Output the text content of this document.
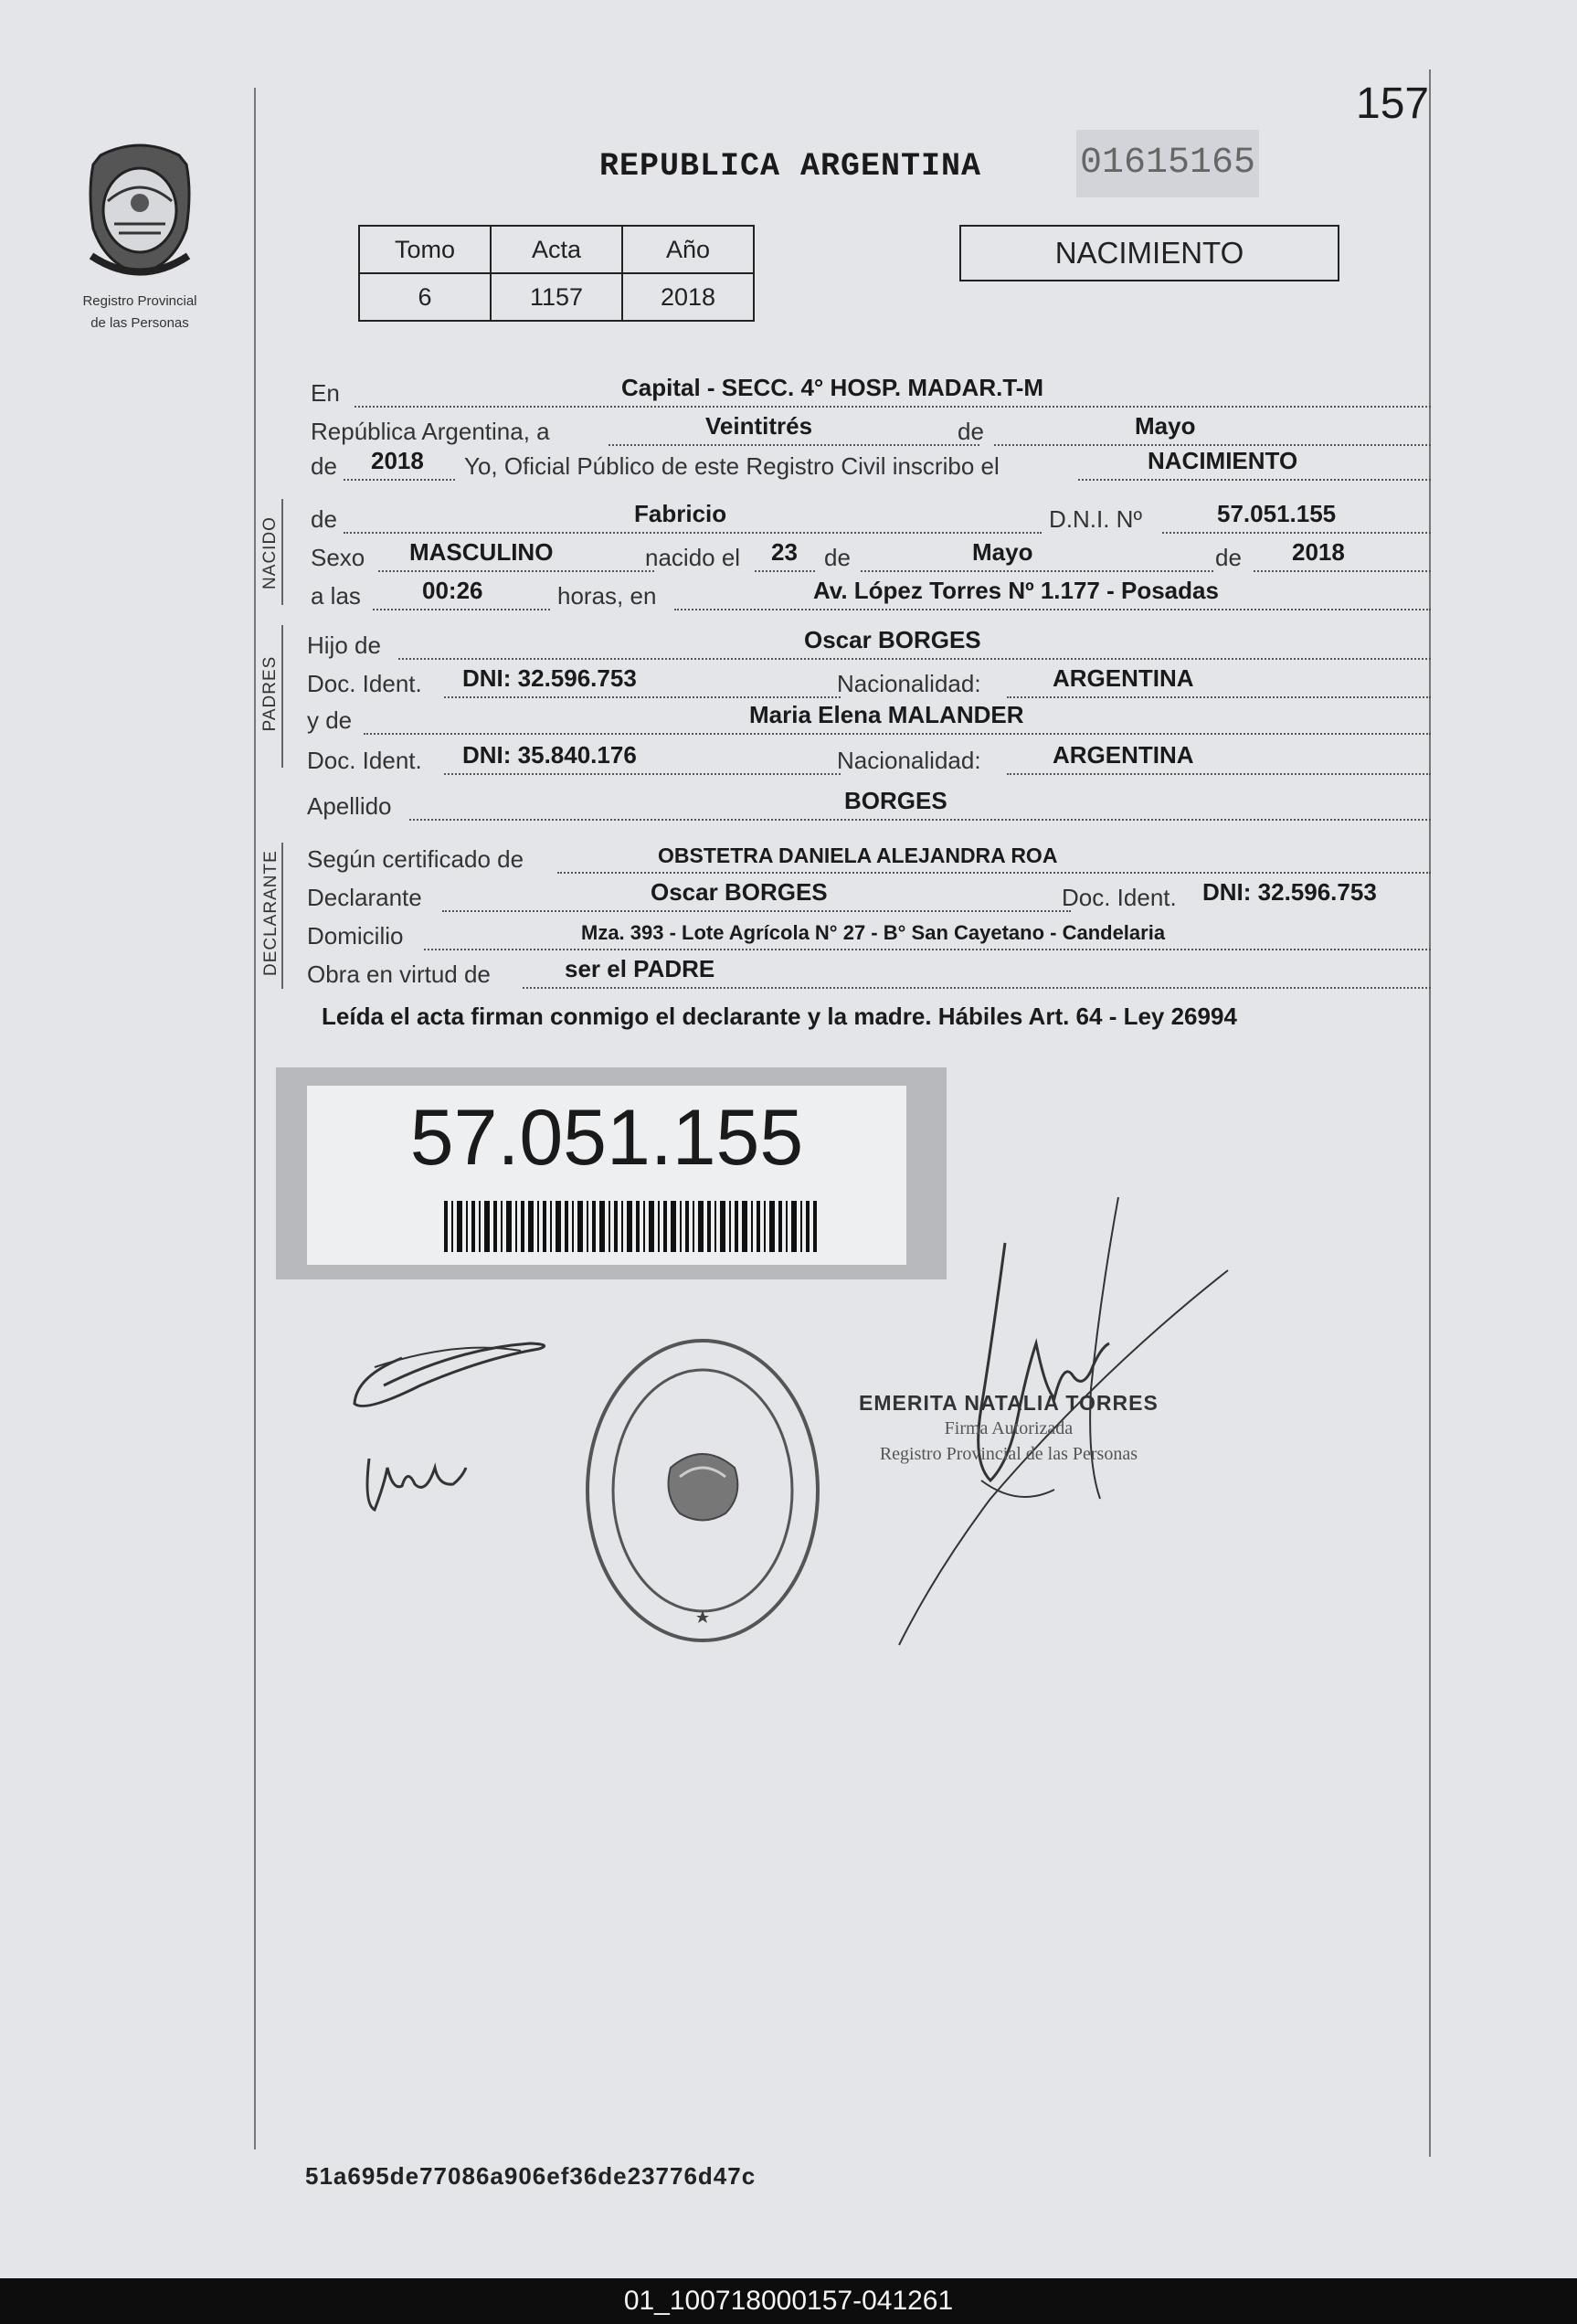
157
Registro Provincial
de las Personas
REPUBLICA ARGENTINA	01615165
Tomo	Acta	Año
6	1157	2018
NACIMIENTO
En	Capital - SECC. 4° HOSP. MADAR.T-M
República Argentina, a	Veintitrés	de	Mayo
de 2018 Yo, Oficial Público de este Registro Civil inscribo el	NACIMIENTO
NACIDO de	Fabricio	D.N.I. Nº	57.051.155
Sexo MASCULINO	nacido el 23 de	Mayo	de 2018
a las	00:26	horas, en	Av. López Torres Nº 1.177 - Posadas
PADRES
Hijo de	Oscar BORGES
Doc. Ident. DNI: 32.596.753	Nacionalidad:	ARGENTINA
y de	Maria Elena MALANDER
Doc. Ident. DNI: 35.840.176	Nacionalidad:	ARGENTINA
Apellido	BORGES
DECLARANTE Según certificado de	OBSTETRA DANIELA ALEJANDRA ROA
Declarante	Oscar BORGES	Doc. Ident. DNI: 32.596.753
Domicilio	Mza. 393 - Lote Agrícola N° 27 - B° San Cayetano - Candelaria
Obra en virtud de	ser el PADRE
Leída el acta firman conmigo el declarante y la madre. Hábiles Art. 64 - Ley 26994
57.051.155
EMERITA NATALIA TORRES
Firma Autorizada
Registro Provincial de las Personas
51a695de77086a906ef36de23776d47c
01_100718000157-041261
